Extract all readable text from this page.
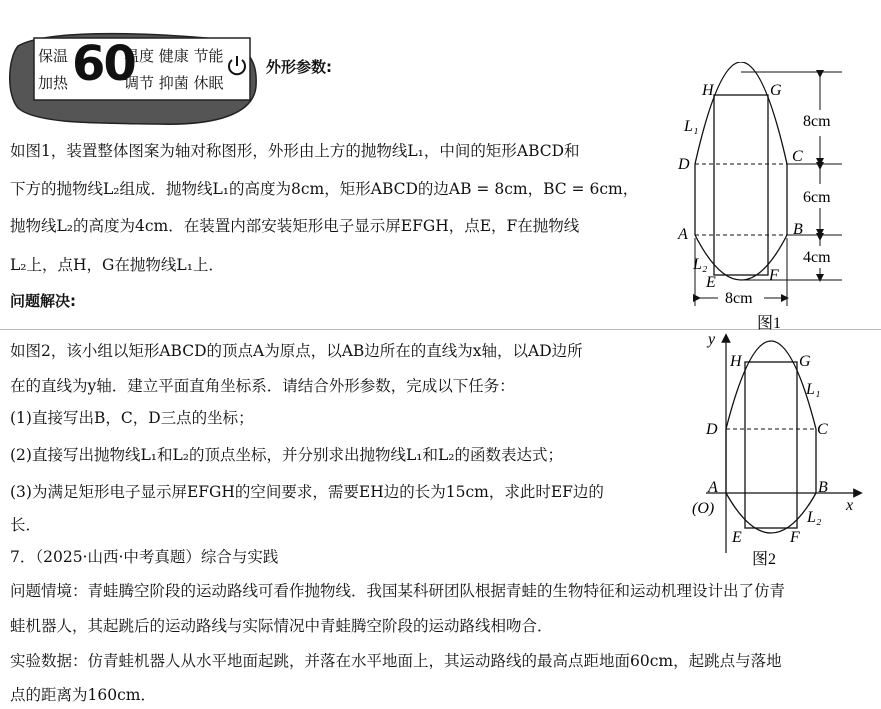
保温
加热 60
温度 健康 节能
调节 抑菌 休眠
外形参数:
如图1，装置整体图案为轴对称图形，外形由上方的抛物线L₁，中间的矩形ABCD和
下方的抛物线L₂组成．抛物线L₁的高度为8cm，矩形ABCD的边AB = 8cm，BC = 6cm，
抛物线L₂的高度为4cm．在装置内部安装矩形电子显示屏EFGH，点E，F在抛物线
L₂上，点H，G在抛物线L₁上．
问题解决:
如图2，该小组以矩形ABCD的顶点A为原点，以AB边所在的直线为x轴，以AD边所
在的直线为y轴．建立平面直角坐标系．请结合外形参数，完成以下任务：
(1)直接写出B，C，D三点的坐标；
(2)直接写出抛物线L₁和L₂的顶点坐标，并分别求出抛物线L₁和L₂的函数表达式；
(3)为满足矩形电子显示屏EFGH的空间要求，需要EH边的长为15cm，求此时EF边的
长．
7．（2025·山西·中考真题）综合与实践
问题情境：青蛙腾空阶段的运动路线可看作抛物线．我国某科研团队根据青蛙的生物特征和运动机理设计出了仿青
蛙机器人，其起跳后的运动路线与实际情况中青蛙腾空阶段的运动路线相吻合．
实验数据：仿青蛙机器人从水平地面起跳，并落在水平地面上，其运动路线的最高点距地面60cm，起跳点与落地
点的距离为160cm．
H	G
L₁
D	C
A	B
L₂
E	F
8cm
6cm
4cm
8cm
图1
y
x
H	G
L₁
D	C
A
(O)
B
L₂
E	F
图2
